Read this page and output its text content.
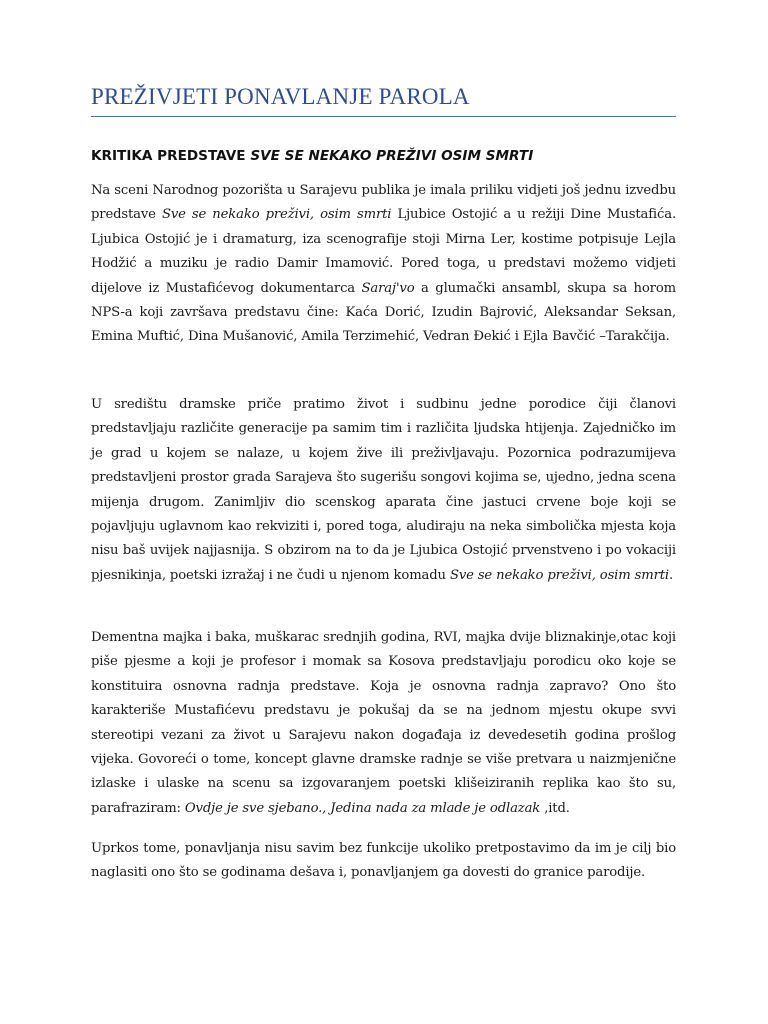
PREŽIVJETI PONAVLANJE PAROLA
KRITIKA PREDSTAVE SVE SE NEKAKO PREŽIVI OSIM SMRTI
Na sceni Narodnog pozorišta u Sarajevu publika je imala priliku vidjeti još jednu izvedbu predstave Sve se nekako preživi, osim smrti Ljubice Ostojić a u režiji Dine Mustafića. Ljubica Ostojić je i dramaturg, iza scenografije stoji Mirna Ler, kostime potpisuje Lejla Hodžić a muziku je radio Damir Imamović. Pored toga, u predstavi možemo vidjeti dijelove iz Mustafićevog dokumentarca Saraj'vo a glumački ansambl, skupa sa horom NPS-a koji završava predstavu čine: Kaća Dorić, Izudin Bajrović, Aleksandar Seksan, Emina Muftić, Dina Mušanović, Amila Terzimehić, Vedran Đekić i Ejla Bavčić –Tarakčija.
U središtu dramske priče pratimo život i sudbinu jedne porodice čiji članovi predstavljaju različite generacije pa samim tim i različita ljudska htijenja. Zajedničko im je grad u kojem se nalaze, u kojem žive ili preživljavaju. Pozornica podrazumijeva predstavljeni prostor grada Sarajeva što sugerišu songovi kojima se, ujedno, jedna scena mijenja drugom. Zanimljiv dio scenskog aparata čine jastuci crvene boje koji se pojavljuju uglavnom kao rekviziti i, pored toga, aludiraju na neka simbolička mjesta koja nisu baš uvijek najjasnija. S obzirom na to da je Ljubica Ostojić prvenstveno i po vokaciji pjesnikinja, poetski izražaj i ne čudi u njenom komadu Sve se nekako preživi, osim smrti.
Dementna majka i baka, muškarac srednjih godina, RVI, majka dvije bliznakinje,otac koji piše pjesme a koji je profesor i momak sa Kosova predstavljaju porodicu oko koje se konstituira osnovna radnja predstave. Koja je osnovna radnja zapravo? Ono što karakteriše Mustafićevu predstavu je pokušaj da se na jednom mjestu okupe svvi stereotipi vezani za život u Sarajevu nakon događaja iz devedesetih godina prošlog vijeka. Govoreći o tome, koncept glavne dramske radnje se više pretvara u naizmjenične izlaske i ulaske na scenu sa izgovaranjem poetski klišeiziranih replika kao što su, parafraziram: Ovdje je sve sjebano., Jedina nada za mlade je odlazak ,itd.
Uprkos tome, ponavljanja nisu savim bez funkcije ukoliko pretpostavimo da im je cilj bio naglasiti ono što se godinama dešava i, ponavljanjem ga dovesti do granice parodije.
